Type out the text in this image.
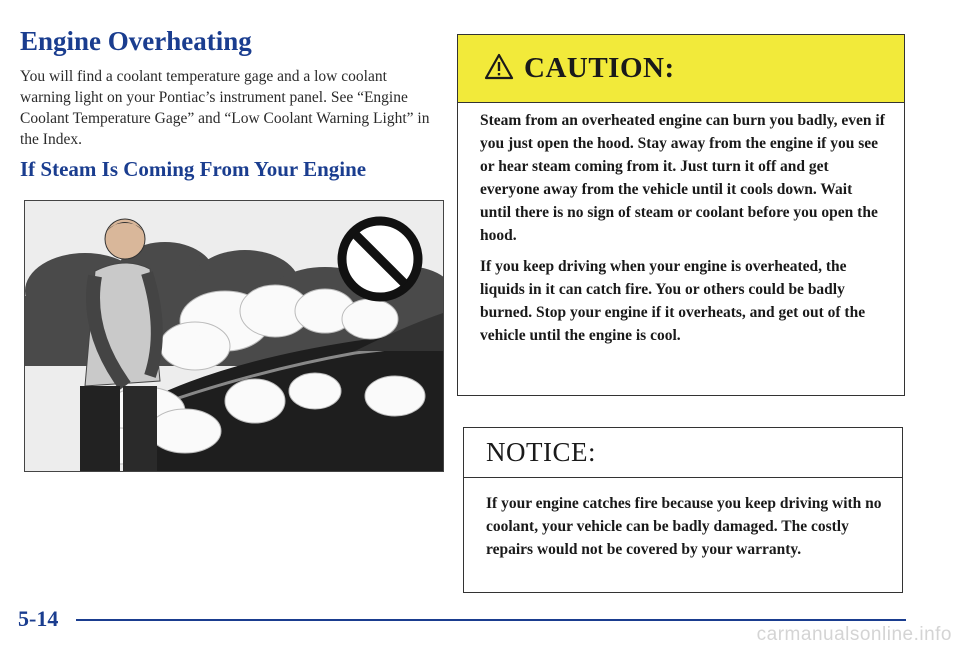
Engine Overheating

You will find a coolant temperature gage and a low coolant warning light on your Pontiac’s instrument panel. See “Engine Coolant Temperature Gage” and “Low Coolant Warning Light” in the Index.

If Steam Is Coming From Your Engine
CAUTION:

Steam from an overheated engine can burn you badly, even if you just open the hood. Stay away from the engine if you see or hear steam coming from it. Just turn it off and get everyone away from the vehicle until it cools down. Wait until there is no sign of steam or coolant before you open the hood.

If you keep driving when your engine is overheated, the liquids in it can catch fire. You or others could be badly burned. Stop your engine if it overheats, and get out of the vehicle until the engine is cool.

NOTICE:

If your engine catches fire because you keep driving with no coolant, your vehicle can be badly damaged. The costly repairs would not be covered by your warranty.

5-14
carmanualsonline.info
